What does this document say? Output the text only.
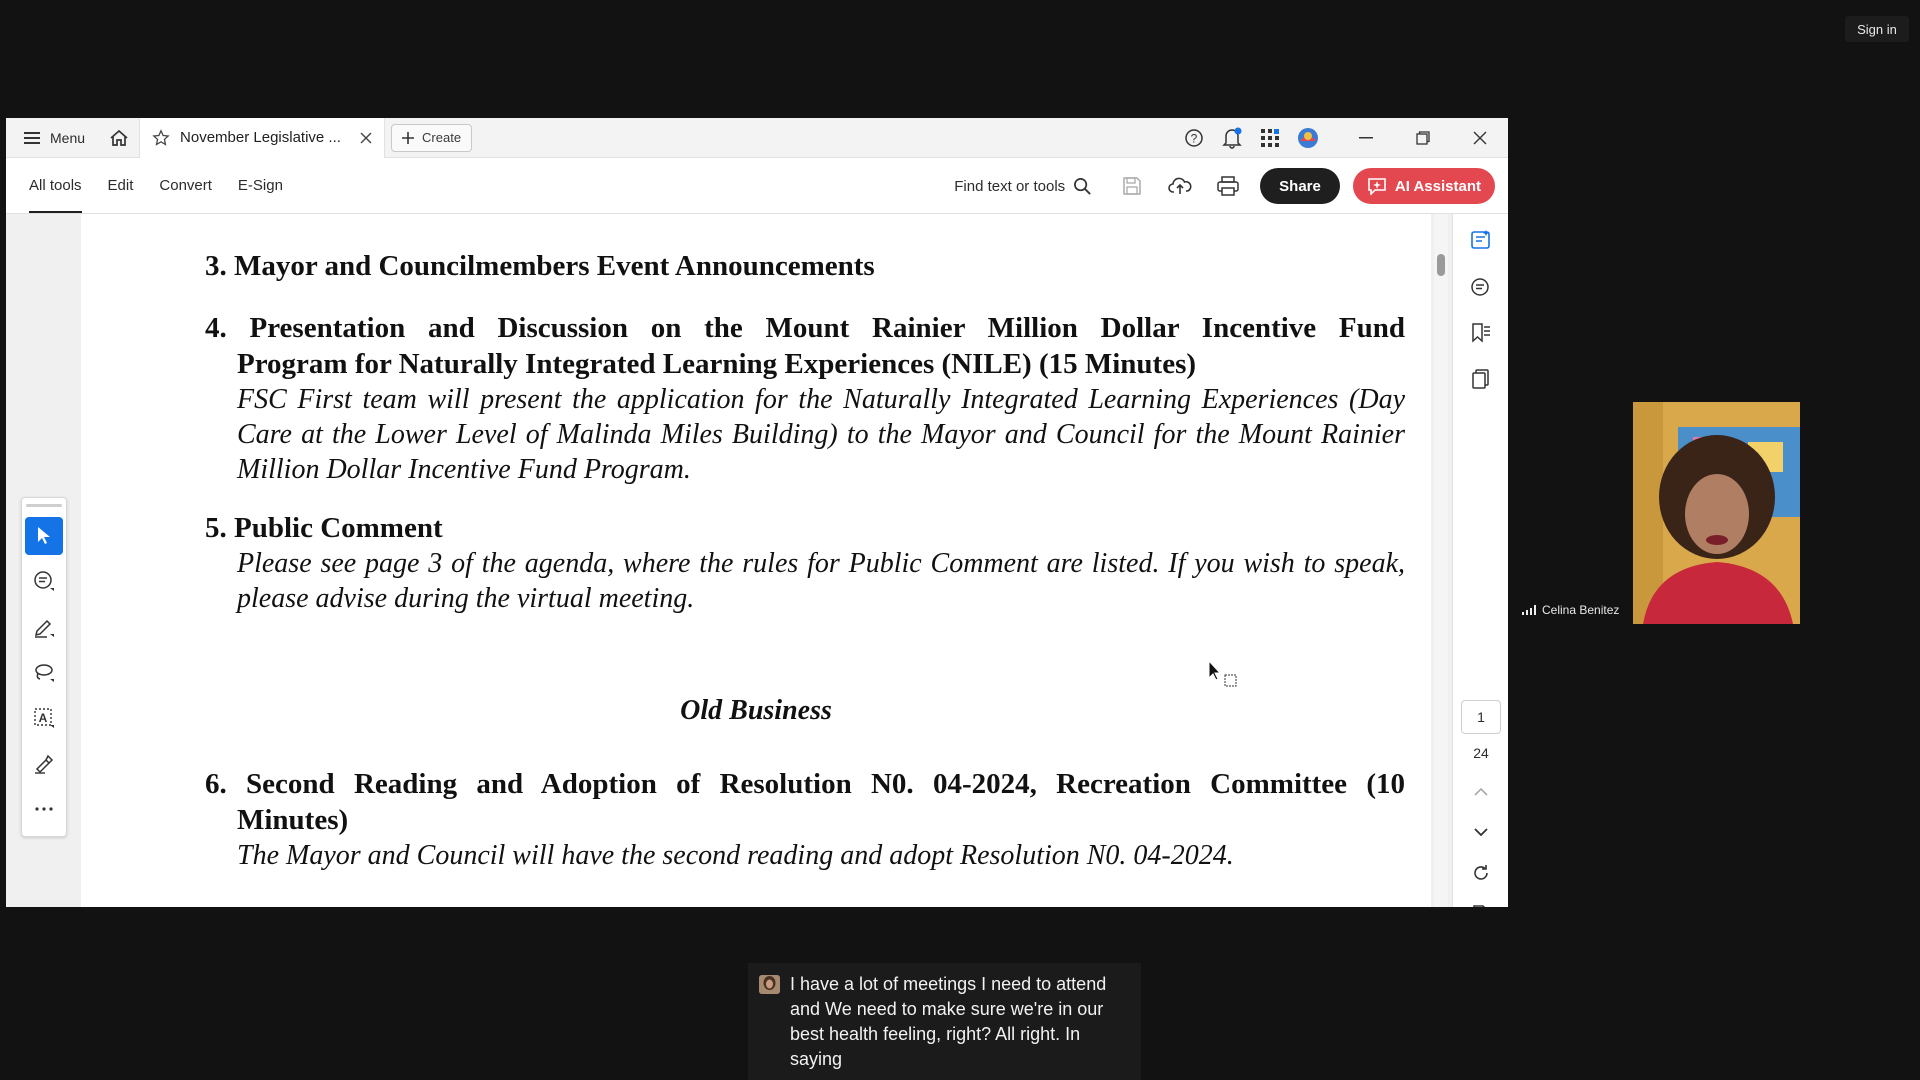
Sign in
Menu	November Legislative ...	Create	?
All tools Edit Convert E-Sign	Find text or tools	Share	AI Assistant
3. Mayor and Councilmembers Event Announcements
4. Presentation and Discussion on the Mount Rainier Million Dollar Incentive Fund
Program for Naturally Integrated Learning Experiences (NILE) (15 Minutes)
FSC First team will present the application for the Naturally Integrated Learning Experiences (Day Care at the Lower Level of Malinda Miles Building) to the Mayor and Council for the Mount Rainier Million Dollar Incentive Fund Program.
5. Public Comment
Please see page 3 of the agenda, where the rules for Public Comment are listed. If you wish to speak, please advise during the virtual meeting.
Old Business
6. Second Reading and Adoption of Resolution N0. 04-2024, Recreation Committee (10
Minutes)
The Mayor and Council will have the second reading and adopt Resolution N0. 04-2024.
A	1
24
Celina Benitez
I have a lot of meetings I need to attend and We need to make sure we're in our best health feeling, right? All right. In saying
